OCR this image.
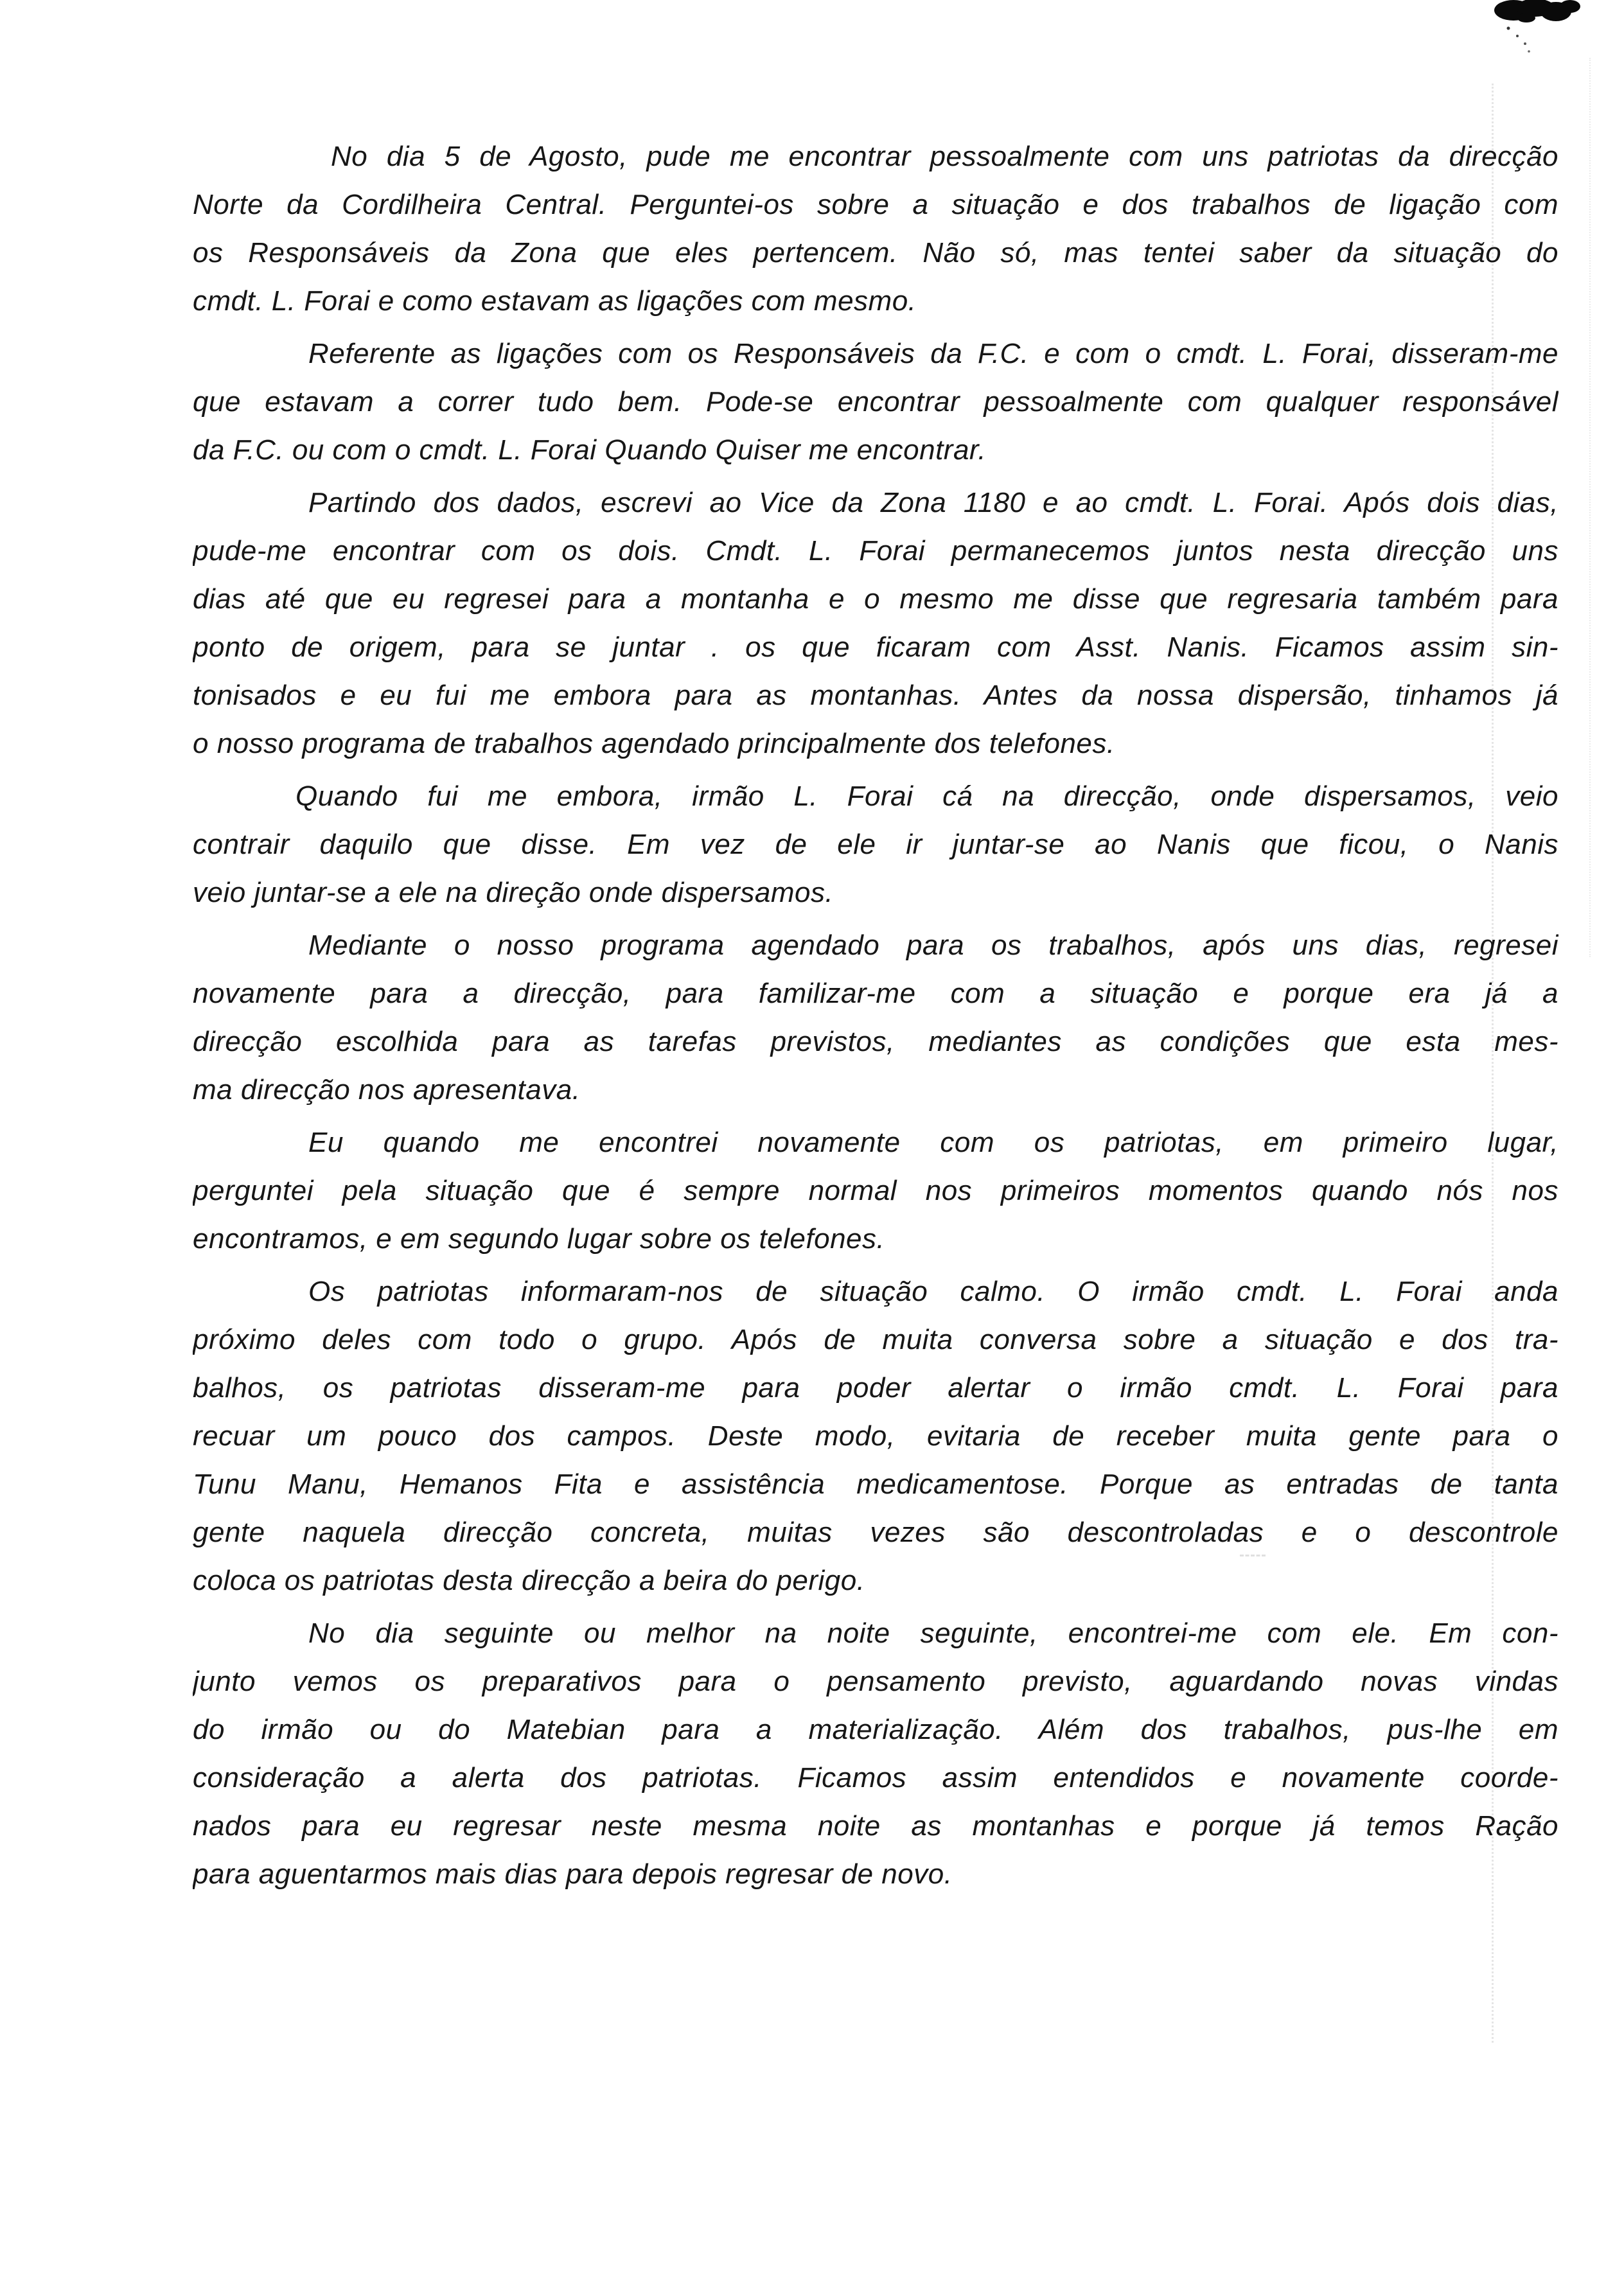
No dia 5 de Agosto, pude me encontrar pessoalmente com uns patriotas da direcção
Norte da Cordilheira Central. Perguntei-os sobre a situação e dos trabalhos de ligação com
os Responsáveis da Zona que eles pertencem. Não só, mas tentei saber da situação do
cmdt. L. Forai e como estavam as ligações com mesmo.
Referente as ligações com os Responsáveis da F.C. e com o cmdt. L. Forai, disseram-me
que estavam a correr tudo bem. Pode-se encontrar pessoalmente com qualquer responsável
da F.C. ou com o cmdt. L. Forai Quando Quiser me encontrar.
Partindo dos dados, escrevi ao Vice da Zona 1180 e ao cmdt. L. Forai. Após dois dias,
pude-me encontrar com os dois. Cmdt. L. Forai permanecemos juntos nesta direcção uns
dias até que eu regresei para a montanha e o mesmo me disse que regresaria também para
ponto de origem, para se juntar . os que ficaram com Asst. Nanis. Ficamos assim sin-
tonisados e eu fui me embora para as montanhas. Antes da nossa dispersão, tinhamos já
o nosso programa de trabalhos agendado principalmente dos telefones.
Quando fui me embora, irmão L. Forai cá na direcção, onde dispersamos, veio
contrair daquilo que disse. Em vez de ele ir juntar-se ao Nanis que ficou, o Nanis
veio juntar-se a ele na direção onde dispersamos.
Mediante o nosso programa agendado para os trabalhos, após uns dias, regresei
novamente para a direcção, para familizar-me com a situação e porque era já a
direcção escolhida para as tarefas previstos, mediantes as condições que esta mes-
ma direcção nos apresentava.
Eu quando me encontrei novamente com os patriotas, em primeiro lugar,
perguntei pela situação que é sempre normal nos primeiros momentos quando nós nos
encontramos, e em segundo lugar sobre os telefones.
Os patriotas informaram-nos de situação calmo. O irmão cmdt. L. Forai anda
próximo deles com todo o grupo. Após de muita conversa sobre a situação e dos tra-
balhos, os patriotas disseram-me para poder alertar o irmão cmdt. L. Forai para
recuar um pouco dos campos. Deste modo, evitaria de receber muita gente para o
Tunu Manu, Hemanos Fita e assistência medicamentose. Porque as entradas de tanta
gente naquela direcção concreta, muitas vezes são descontroladas e o descontrole
coloca os patriotas desta direcção a beira do perigo.
No dia seguinte ou melhor na noite seguinte, encontrei-me com ele. Em con-
junto vemos os preparativos para o pensamento previsto, aguardando novas vindas
do irmão ou do Matebian para a materialização. Além dos trabalhos, pus-lhe em
consideração a alerta dos patriotas. Ficamos assim entendidos e novamente coorde-
nados para eu regresar neste mesma noite as montanhas e porque já temos Ração
para aguentarmos mais dias para depois regresar de novo.
